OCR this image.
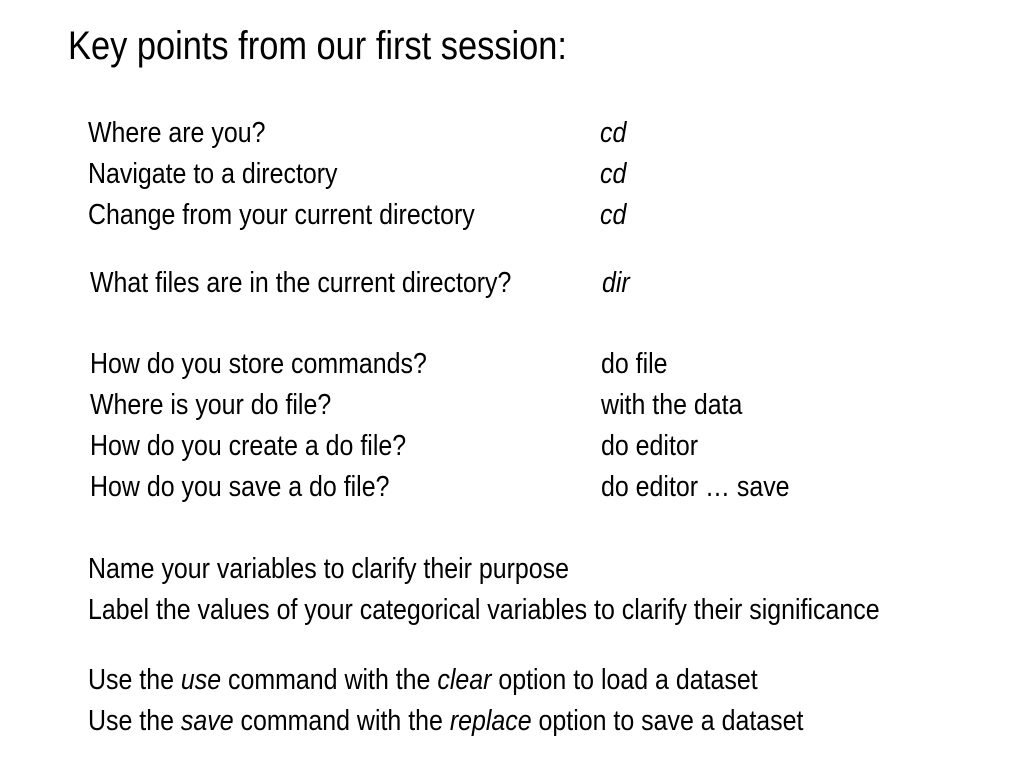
Key points from our first session:
Where are you?	cd
Navigate to a directory	cd
Change from your current directory	cd
What files are in the current directory?	dir
How do you store commands?	do file
Where is your do file?	with the data
How do you create a do file?	do editor
How do you save a do file?	do editor … save
Name your variables to clarify their purpose
Label the values of your categorical variables to clarify their significance
Use the use command with the clear option to load a dataset
Use the save command with the replace option to save a dataset
